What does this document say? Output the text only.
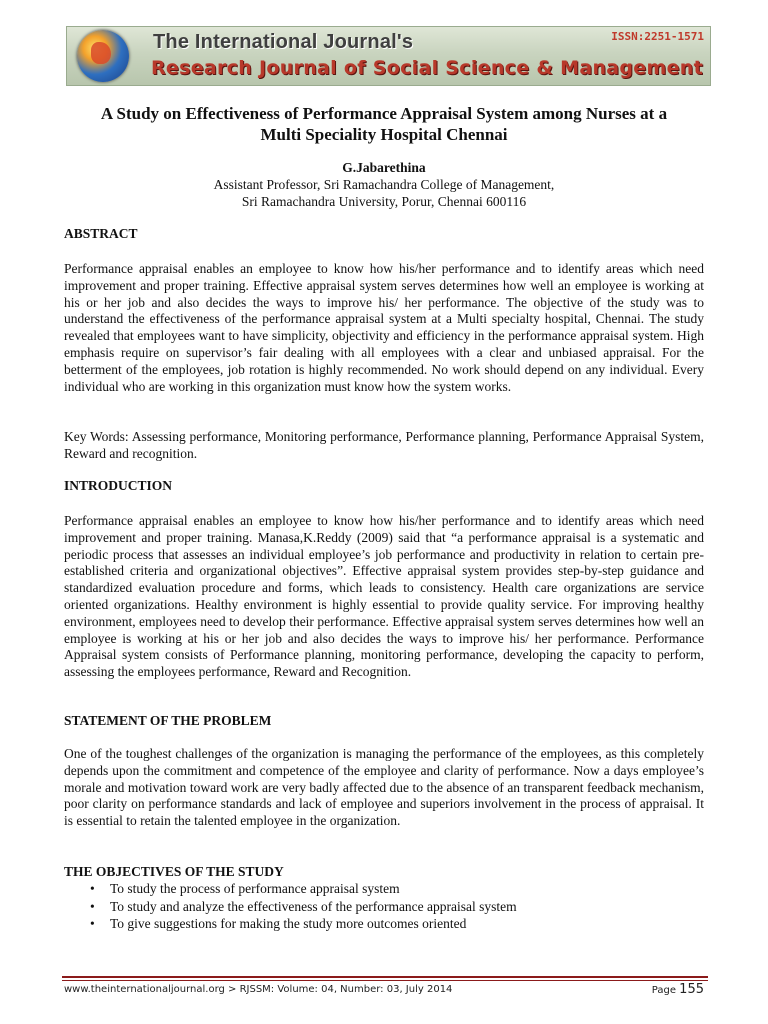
The International Journal's
Research Journal of Social Science & Management
ISSN:2251-1571
A Study on Effectiveness of Performance Appraisal System among Nurses at a
Multi Speciality Hospital Chennai
G.Jabarethina
Assistant Professor, Sri Ramachandra College of Management,
Sri Ramachandra University, Porur, Chennai 600116
ABSTRACT
Performance appraisal enables an employee to know how his/her performance and to identify areas which need improvement and proper training. Effective appraisal system serves determines how well an employee is working at his or her job and also decides the ways to improve his/ her performance. The objective of the study was to understand the effectiveness of the performance appraisal system at a Multi specialty hospital, Chennai. The study revealed that employees want to have simplicity, objectivity and efficiency in the performance appraisal system. High emphasis require on supervisor’s fair dealing with all employees with a clear and unbiased appraisal. For the betterment of the employees, job rotation is highly recommended. No work should depend on any individual. Every individual who are working in this organization must know how the system works.
Key Words: Assessing performance, Monitoring performance, Performance planning, Performance Appraisal System, Reward and recognition.
INTRODUCTION
Performance appraisal enables an employee to know how his/her performance and to identify areas which need improvement and proper training. Manasa,K.Reddy (2009) said that “a performance appraisal is a systematic and periodic process that assesses an individual employee’s job performance and productivity in relation to certain pre-established criteria and organizational objectives”. Effective appraisal system provides step-by-step guidance and standardized evaluation procedure and forms, which leads to consistency. Health care organizations are service oriented organizations. Healthy environment is highly essential to provide quality service. For improving healthy environment, employees need to develop their performance. Effective appraisal system serves determines how well an employee is working at his or her job and also decides the ways to improve his/ her performance. Performance Appraisal system consists of Performance planning, monitoring performance, developing the capacity to perform, assessing the employees performance, Reward and Recognition.
STATEMENT OF THE PROBLEM
One of the toughest challenges of the organization is managing the performance of the employees, as this completely depends upon the commitment and competence of the employee and clarity of performance. Now a days employee’s morale and motivation toward work are very badly affected due to the absence of an transparent feedback mechanism, poor clarity on performance standards and lack of employee and superiors involvement in the process of appraisal. It is essential to retain the talented employee in the organization.
THE OBJECTIVES OF THE STUDY
• To study the process of performance appraisal system
• To study and analyze the effectiveness of the performance appraisal system
• To give suggestions for making the study more outcomes oriented
www.theinternationaljournal.org > RJSSM: Volume: 04, Number: 03, July 2014	Page 155
